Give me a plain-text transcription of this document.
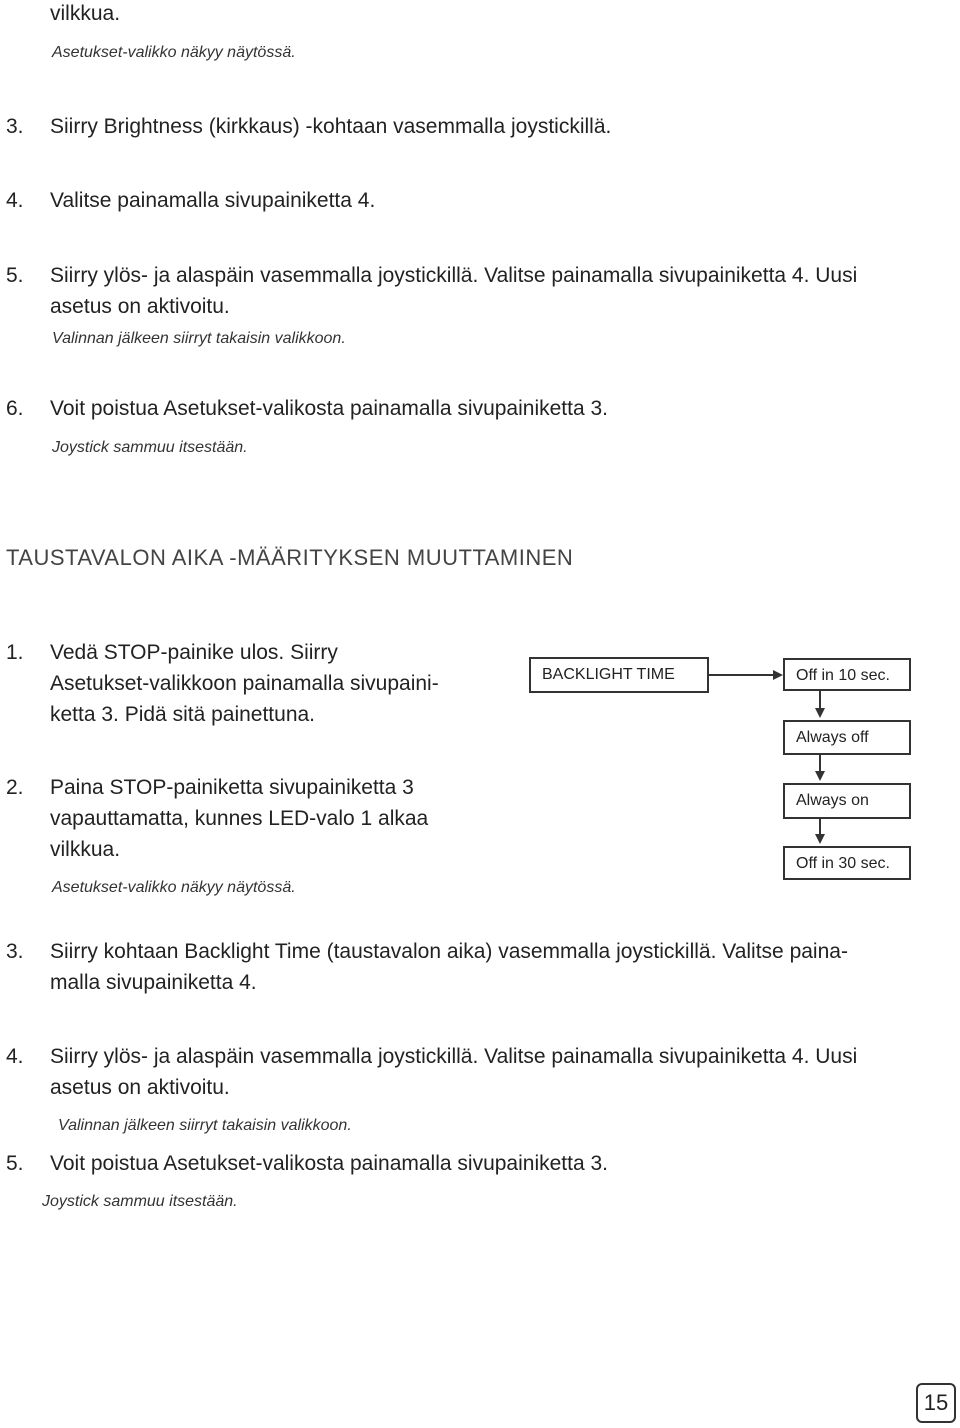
vilkkua.
Asetukset-valikko näkyy näytössä.
3.	Siirry Brightness (kirkkaus) -kohtaan vasemmalla joystickillä.
4.	Valitse painamalla sivupainiketta 4.
5.	Siirry ylös- ja alaspäin vasemmalla joystickillä. Valitse painamalla sivupainiketta 4. Uusi
asetus on aktivoitu.
Valinnan jälkeen siirryt takaisin valikkoon.
6.	Voit poistua Asetukset-valikosta painamalla sivupainiketta 3.
Joystick sammuu itsestään.
TAUSTAVALON AIKA -MÄÄRITYKSEN MUUTTAMINEN
1.	Vedä STOP-painike ulos. Siirry
Asetukset-valikkoon painamalla sivupaini-
ketta 3. Pidä sitä painettuna.
2.	Paina STOP-painiketta sivupainiketta 3
vapauttamatta, kunnes LED-valo 1 alkaa
vilkkua.
Asetukset-valikko näkyy näytössä.
3.	Siirry kohtaan Backlight Time (taustavalon aika) vasemmalla joystickillä. Valitse paina-
malla sivupainiketta 4.
4.	Siirry ylös- ja alaspäin vasemmalla joystickillä. Valitse painamalla sivupainiketta 4. Uusi
asetus on aktivoitu.
Valinnan jälkeen siirryt takaisin valikkoon.
5.	Voit poistua Asetukset-valikosta painamalla sivupainiketta 3.
Joystick sammuu itsestään.
BACKLIGHT TIME	Off in 10 sec.
Always off
Always on
Off in 30 sec.
15
